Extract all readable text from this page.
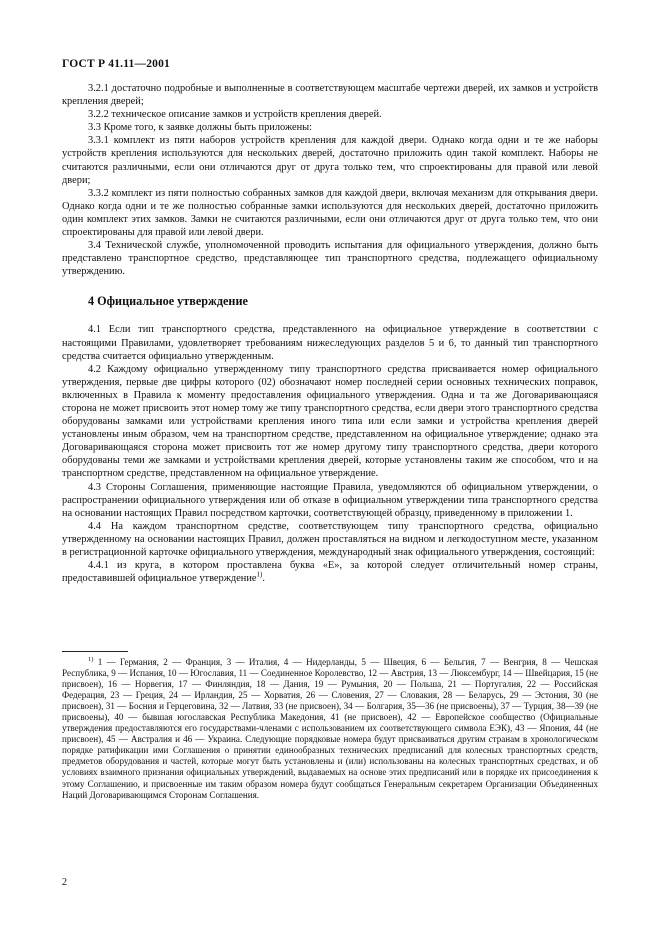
ГОСТ Р 41.11—2001

3.2.1 достаточно подробные и выполненные в соответствующем масштабе чертежи дверей, их замков и устройств крепления дверей;

3.2.2 техническое описание замков и устройств крепления дверей.

3.3 Кроме того, к заявке должны быть приложены:

3.3.1 комплект из пяти наборов устройств крепления для каждой двери. Однако когда одни и те же наборы устройств крепления используются для нескольких дверей, достаточно приложить один такой комплект. Наборы не считаются различными, если они отличаются друг от друга только тем, что спроектированы для правой или левой двери;

3.3.2 комплект из пяти полностью собранных замков для каждой двери, включая механизм для открывания двери. Однако когда одни и те же полностью собранные замки используются для нескольких дверей, достаточно приложить один комплект этих замков. Замки не считаются различными, если они отличаются друг от друга только тем, что они спроектированы для правой или левой двери.

3.4 Технической службе, уполномоченной проводить испытания для официального утверждения, должно быть представлено транспортное средство, представляющее тип транспортного средства, подлежащего официальному утверждению.

4 Официальное утверждение

4.1 Если тип транспортного средства, представленного на официальное утверждение в соответствии с настоящими Правилами, удовлетворяет требованиям нижеследующих разделов 5 и 6, то данный тип транспортного средства считается официально утвержденным.

4.2 Каждому официально утвержденному типу транспортного средства присваивается номер официального утверждения, первые две цифры которого (02) обозначают номер последней серии основных технических поправок, включенных в Правила к моменту предоставления официального утверждения. Одна и та же Договаривающаяся сторона не может присвоить этот номер тому же типу транспортного средства, если двери этого транспортного средства оборудованы замками или устройствами крепления иного типа или если замки и устройства крепления дверей установлены иным образом, чем на транспортном средстве, представленном на официальное утверждение; однако эта Договаривающаяся сторона может присвоить тот же номер другому типу транспортного средства, двери которого оборудованы теми же замками и устройствами крепления дверей, которые установлены таким же способом, что и на транспортном средстве, представленном на официальное утверждение.

4.3 Стороны Соглашения, применяющие настоящие Правила, уведомляются об официальном утверждении, о распространении официального утверждения или об отказе в официальном утверждении типа транспортного средства на основании настоящих Правил посредством карточки, соответствующей образцу, приведенному в приложении 1.

4.4 На каждом транспортном средстве, соответствующем типу транспортного средства, официально утвержденному на основании настоящих Правил, должен проставляться на видном и легкодоступном месте, указанном в регистрационной карточке официального утверждения, международный знак официального утверждения, состоящий:

4.4.1 из круга, в котором проставлена буква «Е», за которой следует отличительный номер страны, предоставившей официальное утверждение$^{1)}$.

$^{1)}$ 1 — Германия, 2 — Франция, 3 — Италия, 4 — Нидерланды, 5 — Швеция, 6 — Бельгия, 7 — Венгрия, 8 — Чешская Республика, 9 — Испания, 10 — Югославия, 11 — Соединенное Королевство, 12 — Австрия, 13 — Люксембург, 14 — Швейцария, 15 (не присвоен), 16 — Норвегия, 17 — Финляндия, 18 — Дания, 19 — Румыния, 20 — Польша, 21 — Португалия, 22 — Российская Федерация, 23 — Греция, 24 — Ирландия, 25 — Хорватия, 26 — Словения, 27 — Словакия, 28 — Беларусь, 29 — Эстония, 30 (не присвоен), 31 — Босния и Герцеговина, 32 — Латвия, 33 (не присвоен), 34 — Болгария, 35—36 (не присвоены), 37 — Турция, 38—39 (не присвоены), 40 — бывшая югославская Республика Македония, 41 (не присвоен), 42 — Европейское сообщество (Официальные утверждения предоставляются его государствами-членами с использованием их соответствующего символа ЕЭК), 43 — Япония, 44 (не присвоен), 45 — Австралия и 46 — Украина. Следующие порядковые номера будут присваиваться другим странам в хронологическом порядке ратификации ими Соглашения о принятии единообразных технических предписаний для колесных транспортных средств, предметов оборудования и частей, которые могут быть установлены и (или) использованы на колесных транспортных средствах, и об условиях взаимного признания официальных утверждений, выдаваемых на основе этих предписаний или в порядке их присоединения к этому Соглашению, и присвоенные им таким образом номера будут сообщаться Генеральным секретарем Организации Объединенных Наций Договаривающимся Сторонам Соглашения.

2
